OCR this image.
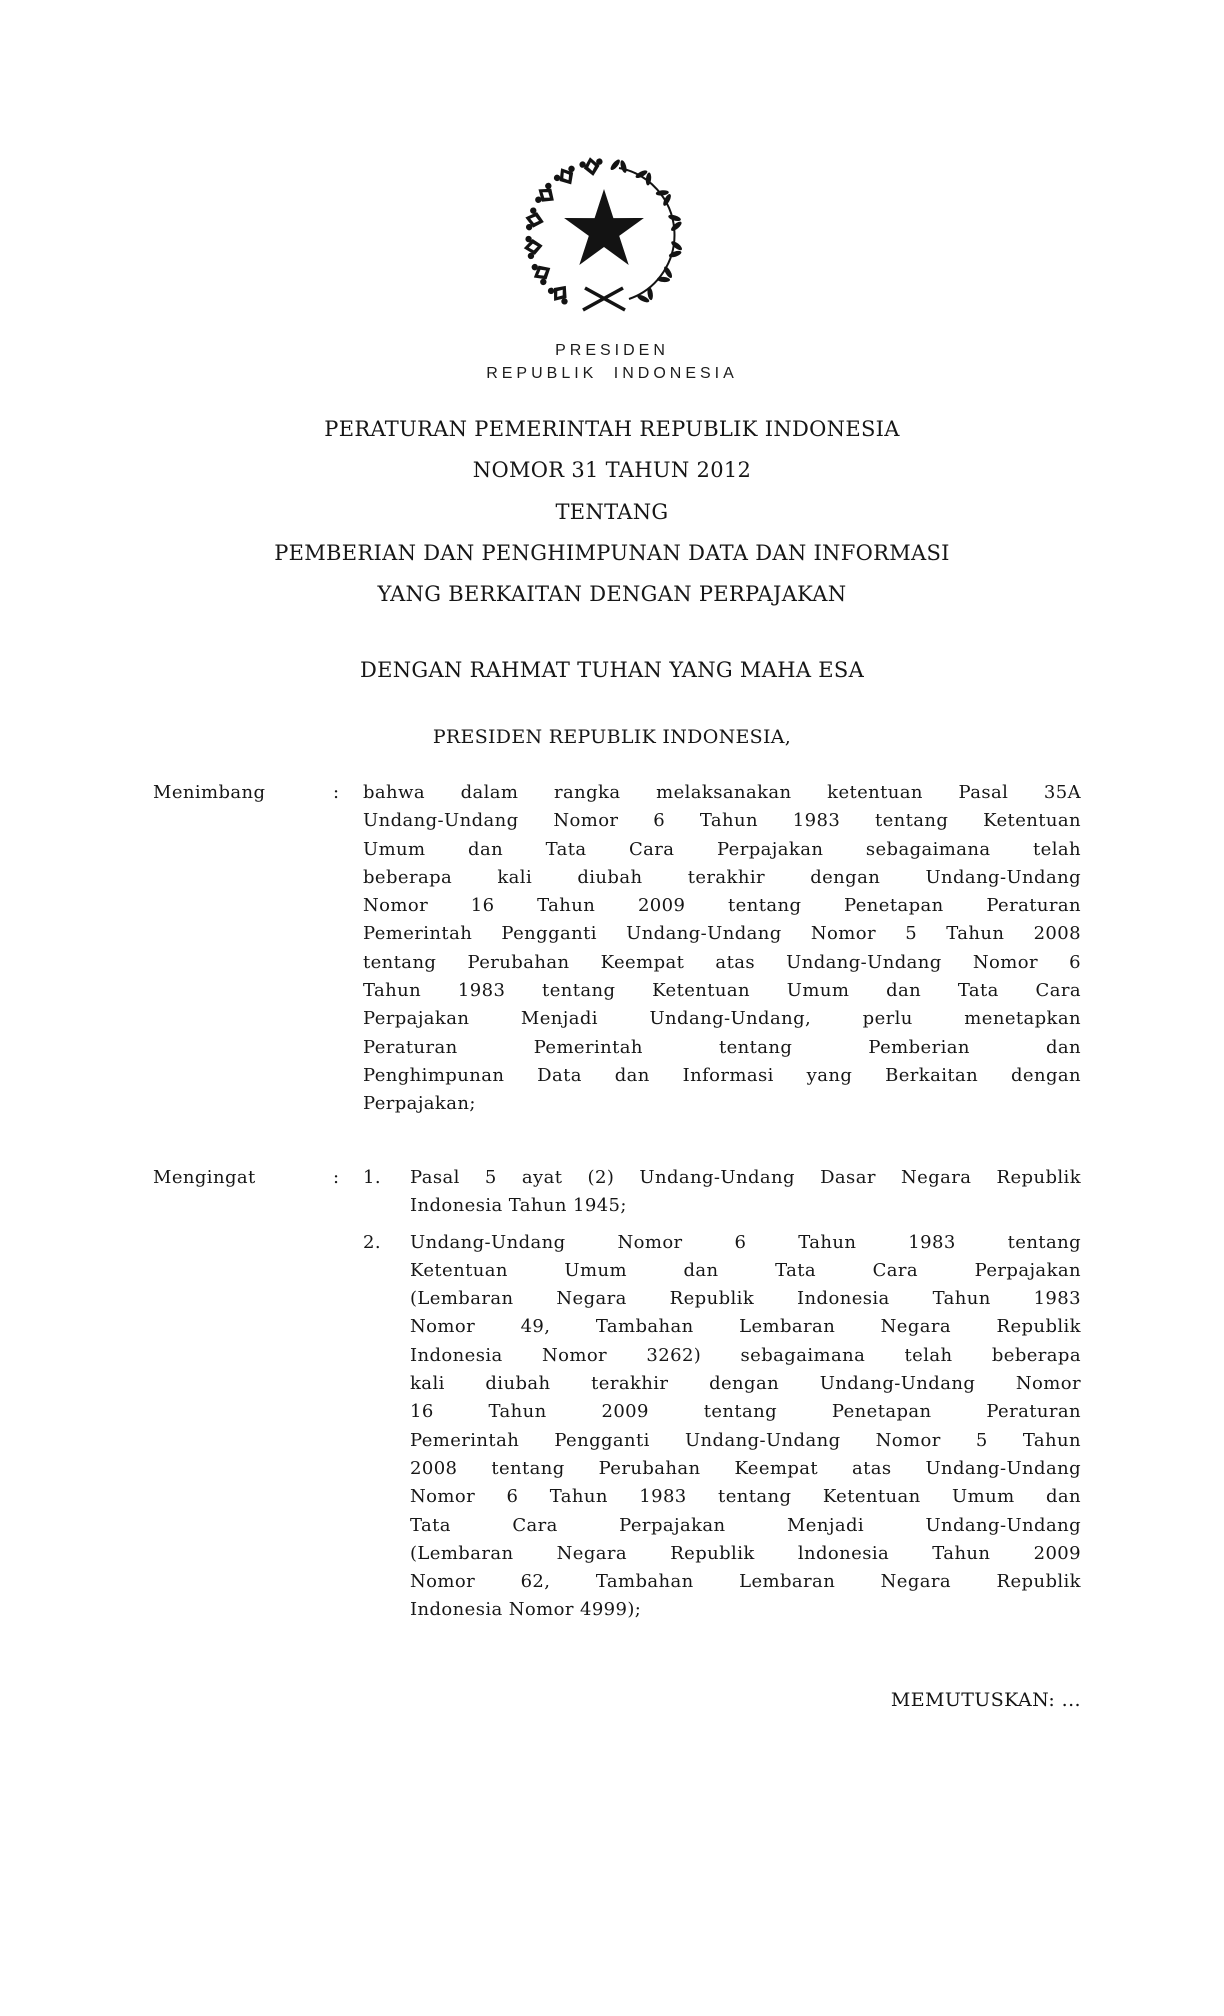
PRESIDEN
REPUBLIK INDONESIA
PERATURAN PEMERINTAH REPUBLIK INDONESIA
NOMOR 31 TAHUN 2012
TENTANG
PEMBERIAN DAN PENGHIMPUNAN DATA DAN INFORMASI
YANG BERKAITAN DENGAN PERPAJAKAN
DENGAN RAHMAT TUHAN YANG MAHA ESA
PRESIDEN REPUBLIK INDONESIA,
Menimbang	:	bahwa dalam rangka melaksanakan ketentuan Pasal 35A
Undang-Undang Nomor 6 Tahun 1983 tentang Ketentuan
Umum dan Tata Cara Perpajakan sebagaimana telah
beberapa kali diubah terakhir dengan Undang-Undang
Nomor 16 Tahun 2009 tentang Penetapan Peraturan
Pemerintah Pengganti Undang-Undang Nomor 5 Tahun 2008
tentang Perubahan Keempat atas Undang-Undang Nomor 6
Tahun 1983 tentang Ketentuan Umum dan Tata Cara
Perpajakan Menjadi Undang-Undang, perlu menetapkan
Peraturan Pemerintah tentang Pemberian dan
Penghimpunan Data dan Informasi yang Berkaitan dengan
Perpajakan;
Mengingat	:	1.	Pasal 5 ayat (2) Undang-Undang Dasar Negara Republik
Indonesia Tahun 1945;
2.	Undang-Undang Nomor 6 Tahun 1983 tentang
Ketentuan Umum dan Tata Cara Perpajakan
(Lembaran Negara Republik Indonesia Tahun 1983
Nomor 49, Tambahan Lembaran Negara Republik
Indonesia Nomor 3262) sebagaimana telah beberapa
kali diubah terakhir dengan Undang-Undang Nomor
16 Tahun 2009 tentang Penetapan Peraturan
Pemerintah Pengganti Undang-Undang Nomor 5 Tahun
2008 tentang Perubahan Keempat atas Undang-Undang
Nomor 6 Tahun 1983 tentang Ketentuan Umum dan
Tata Cara Perpajakan Menjadi Undang-Undang
(Lembaran Negara Republik lndonesia Tahun 2009
Nomor 62, Tambahan Lembaran Negara Republik
Indonesia Nomor 4999);
MEMUTUSKAN: ...
